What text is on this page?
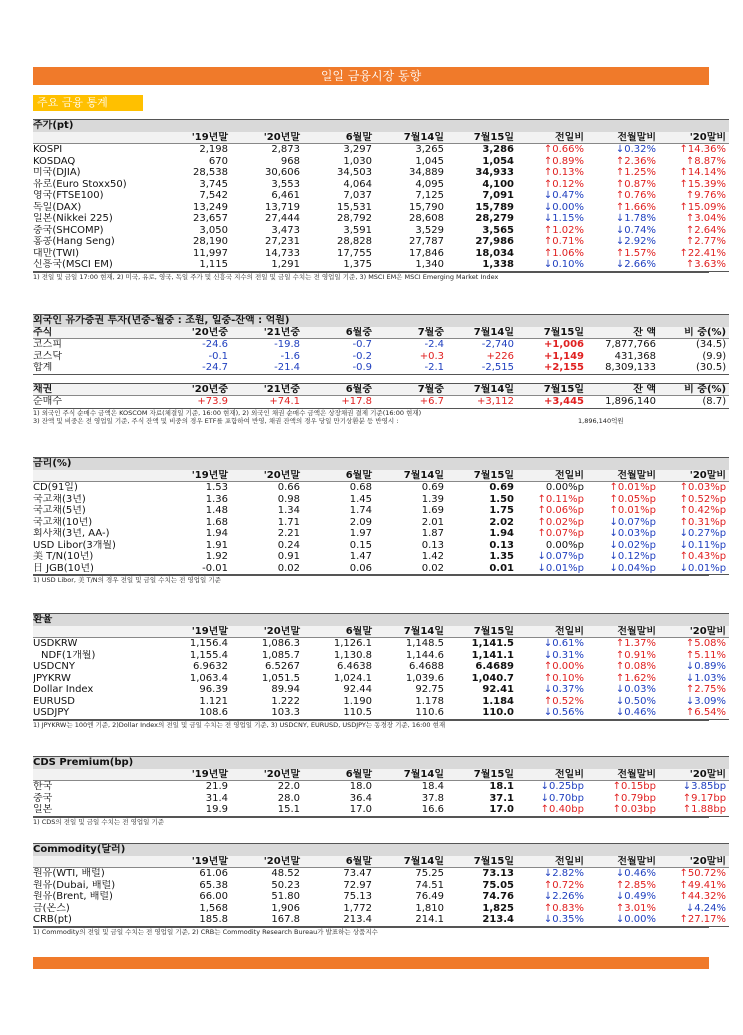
일일 금융시장 동향
주요 금융 통계
주가(pt)								
	'19년말	'20년말	6월말	7월14일	7월15일	전일비	전월말비	'20말비
KOSPI	2,198	2,873	3,297	3,265	3,286	↑0.66%	↓0.32%	↑14.36%
KOSDAQ	670	968	1,030	1,045	1,054	↑0.89%	↑2.36%	↑8.87%
미국(DJIA)	28,538	30,606	34,503	34,889	34,933	↑0.13%	↑1.25%	↑14.14%
유로(Euro Stoxx50)	3,745	3,553	4,064	4,095	4,100	↑0.12%	↑0.87%	↑15.39%
영국(FTSE100)	7,542	6,461	7,037	7,125	7,091	↓0.47%	↑0.76%	↑9.76%
독일(DAX)	13,249	13,719	15,531	15,790	15,789	↓0.00%	↑1.66%	↑15.09%
일본(Nikkei 225)	23,657	27,444	28,792	28,608	28,279	↓1.15%	↓1.78%	↑3.04%
중국(SHCOMP)	3,050	3,473	3,591	3,529	3,565	↑1.02%	↓0.74%	↑2.64%
홍콩(Hang Seng)	28,190	27,231	28,828	27,787	27,986	↑0.71%	↓2.92%	↑2.77%
대만(TWI)	11,997	14,733	17,755	17,846	18,034	↑1.06%	↑1.57%	↑22.41%
신흥국(MSCI EM)	1,115	1,291	1,375	1,340	1,338	↓0.10%	↓2.66%	↑3.63%
1) 전일 및 금일 17:00 현재, 2) 미국, 유로, 영국, 독일 주가 및 신흥국 지수의 전일 및 금일 수치는 전 영업일 기준, 3) MSCI EM은 MSCI Emerging Market Index
외국인 유가증권 투자(년중-월중 : 조원, 일중-잔액 : 억원)								
주식	'20년중	'21년중	6월중	7월중	7월14일	7월15일	잔 액	비 중(%)
코스피	-24.6	-19.8	-0.7	-2.4	-2,740	+1,006	7,877,766	(34.5)
코스닥	-0.1	-1.6	-0.2	+0.3	+226	+1,149	431,368	(9.9)
합계	-24.7	-21.4	-0.9	-2.1	-2,515	+2,155	8,309,133	(30.5)

채권	'20년중	'21년중	6월중	7월중	7월14일	7월15일	잔 액	비 중(%)
순매수	+73.9	+74.1	+17.8	+6.7	+3,112	+3,445	1,896,140	(8.7)
1) 외국인 주식 순매수 금액은 KOSCOM 자료(체결일 기준, 16:00 현재), 2) 외국인 채권 순매수 금액은 상장채권 결제 기준(16:00 현재)
3) 잔액 및 비중은 전 영업일 기준, 주식 잔액 및 비중의 경우 ETF를 포함하여 반영, 채권 잔액의 경우 당일 만기상환분 등 반영시 :	1,896,140억원
금리(%)								
	'19년말	'20년말	6월말	7월14일	7월15일	전일비	전월말비	'20말비
CD(91일)	1.53	0.66	0.68	0.69	0.69	0.00%p	↑0.01%p	↑0.03%p
국고채(3년)	1.36	0.98	1.45	1.39	1.50	↑0.11%p	↑0.05%p	↑0.52%p
국고채(5년)	1.48	1.34	1.74	1.69	1.75	↑0.06%p	↑0.01%p	↑0.42%p
국고채(10년)	1.68	1.71	2.09	2.01	2.02	↑0.02%p	↓0.07%p	↑0.31%p
회사채(3년, AA-)	1.94	2.21	1.97	1.87	1.94	↑0.07%p	↓0.03%p	↓0.27%p
USD Libor(3개월)	1.91	0.24	0.15	0.13	0.13	0.00%p	↓0.02%p	↓0.11%p
美 T/N(10년)	1.92	0.91	1.47	1.42	1.35	↓0.07%p	↓0.12%p	↑0.43%p
日 JGB(10년)	-0.01	0.02	0.06	0.02	0.01	↓0.01%p	↓0.04%p	↓0.01%p
1) USD Libor, 美 T/N의 경우 전일 및 금일 수치는 전 영업일 기준
환율								
	'19년말	'20년말	6월말	7월14일	7월15일	전일비	전월말비	'20말비
USDKRW	1,156.4	1,086.3	1,126.1	1,148.5	1,141.5	↓0.61%	↑1.37%	↑5.08%
NDF(1개월)	1,155.4	1,085.7	1,130.8	1,144.6	1,141.1	↓0.31%	↑0.91%	↑5.11%
USDCNY	6.9632	6.5267	6.4638	6.4688	6.4689	↑0.00%	↑0.08%	↓0.89%
JPYKRW	1,063.4	1,051.5	1,024.1	1,039.6	1,040.7	↑0.10%	↑1.62%	↓1.03%
Dollar Index	96.39	89.94	92.44	92.75	92.41	↓0.37%	↓0.03%	↑2.75%
EURUSD	1.121	1.222	1.190	1.178	1.184	↑0.52%	↓0.50%	↓3.09%
USDJPY	108.6	103.3	110.5	110.6	110.0	↓0.56%	↓0.46%	↑6.54%
1) JPYKRW는 100엔 기준, 2)Dollar Index의 전일 및 금일 수치는 전 영업일 기준, 3) USDCNY, EURUSD, USDJPY는 동경장 기준, 16:00 현재
CDS Premium(bp)								
	'19년말	'20년말	6월말	7월14일	7월15일	전일비	전월말비	'20말비
한국	21.9	22.0	18.0	18.4	18.1	↓0.25bp	↑0.15bp	↓3.85bp
중국	31.4	28.0	36.4	37.8	37.1	↓0.70bp	↑0.79bp	↑9.17bp
일본	19.9	15.1	17.0	16.6	17.0	↑0.40bp	↑0.03bp	↑1.88bp
1) CDS의 전일 및 금일 수치는 전 영업일 기준
Commodity(달러)								
	'19년말	'20년말	6월말	7월14일	7월15일	전일비	전월말비	'20말비
원유(WTI, 배럴)	61.06	48.52	73.47	75.25	73.13	↓2.82%	↓0.46%	↑50.72%
원유(Dubai, 배럴)	65.38	50.23	72.97	74.51	75.05	↑0.72%	↑2.85%	↑49.41%
원유(Brent, 배럴)	66.00	51.80	75.13	76.49	74.76	↓2.26%	↓0.49%	↑44.32%
금(온스)	1,568	1,906	1,772	1,810	1,825	↑0.83%	↑3.01%	↓4.24%
CRB(pt)	185.8	167.8	213.4	214.1	213.4	↓0.35%	↓0.00%	↑27.17%
1) Commodity의 전일 및 금일 수치는 전 영업일 기준, 2) CRB는 Commodity Research Bureau가 발표하는 상품지수
